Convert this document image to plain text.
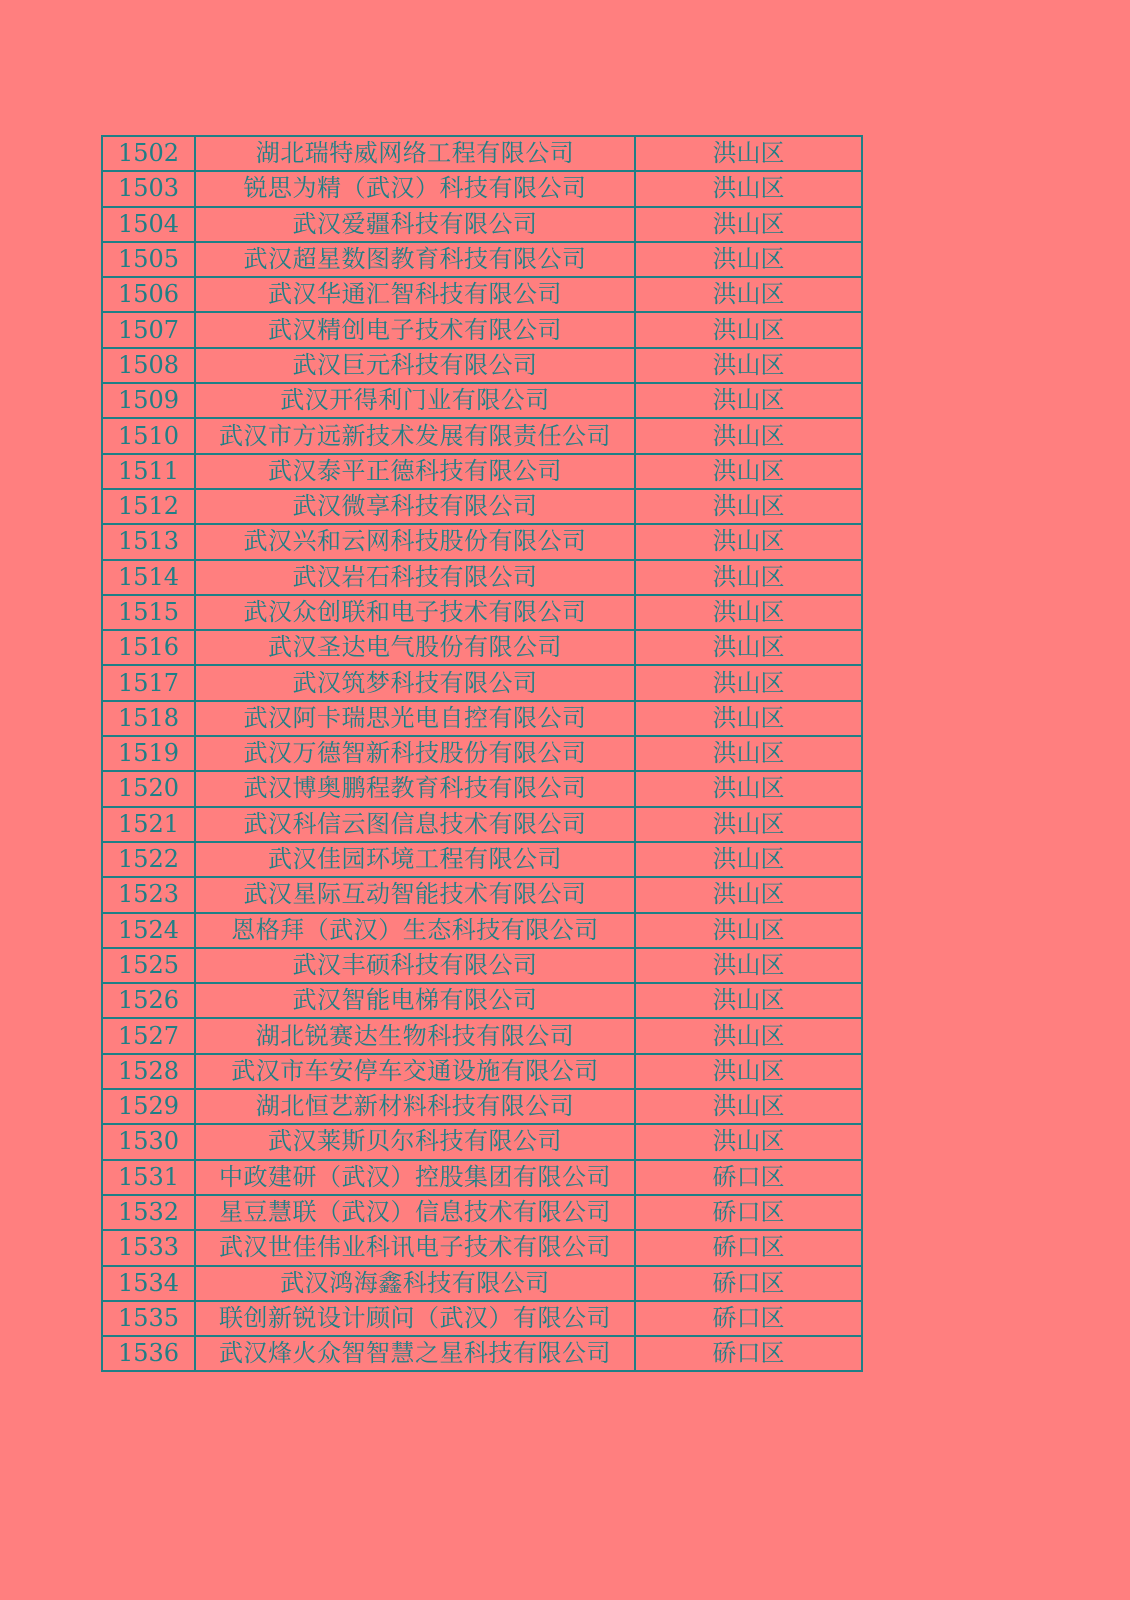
1502	湖北瑞特威网络工程有限公司	洪山区
1503	锐思为精（武汉）科技有限公司	洪山区
1504	武汉爱疆科技有限公司	洪山区
1505	武汉超星数图教育科技有限公司	洪山区
1506	武汉华通汇智科技有限公司	洪山区
1507	武汉精创电子技术有限公司	洪山区
1508	武汉巨元科技有限公司	洪山区
1509	武汉开得利门业有限公司	洪山区
1510	武汉市方远新技术发展有限责任公司	洪山区
1511	武汉泰平正德科技有限公司	洪山区
1512	武汉微享科技有限公司	洪山区
1513	武汉兴和云网科技股份有限公司	洪山区
1514	武汉岩石科技有限公司	洪山区
1515	武汉众创联和电子技术有限公司	洪山区
1516	武汉圣达电气股份有限公司	洪山区
1517	武汉筑梦科技有限公司	洪山区
1518	武汉阿卡瑞思光电自控有限公司	洪山区
1519	武汉万德智新科技股份有限公司	洪山区
1520	武汉博奥鹏程教育科技有限公司	洪山区
1521	武汉科信云图信息技术有限公司	洪山区
1522	武汉佳园环境工程有限公司	洪山区
1523	武汉星际互动智能技术有限公司	洪山区
1524	恩格拜（武汉）生态科技有限公司	洪山区
1525	武汉丰硕科技有限公司	洪山区
1526	武汉智能电梯有限公司	洪山区
1527	湖北锐赛达生物科技有限公司	洪山区
1528	武汉市车安停车交通设施有限公司	洪山区
1529	湖北恒艺新材料科技有限公司	洪山区
1530	武汉莱斯贝尔科技有限公司	洪山区
1531	中政建研（武汉）控股集团有限公司	硚口区
1532	星豆慧联（武汉）信息技术有限公司	硚口区
1533	武汉世佳伟业科讯电子技术有限公司	硚口区
1534	武汉鸿海鑫科技有限公司	硚口区
1535	联创新锐设计顾问（武汉）有限公司	硚口区
1536	武汉烽火众智智慧之星科技有限公司	硚口区
